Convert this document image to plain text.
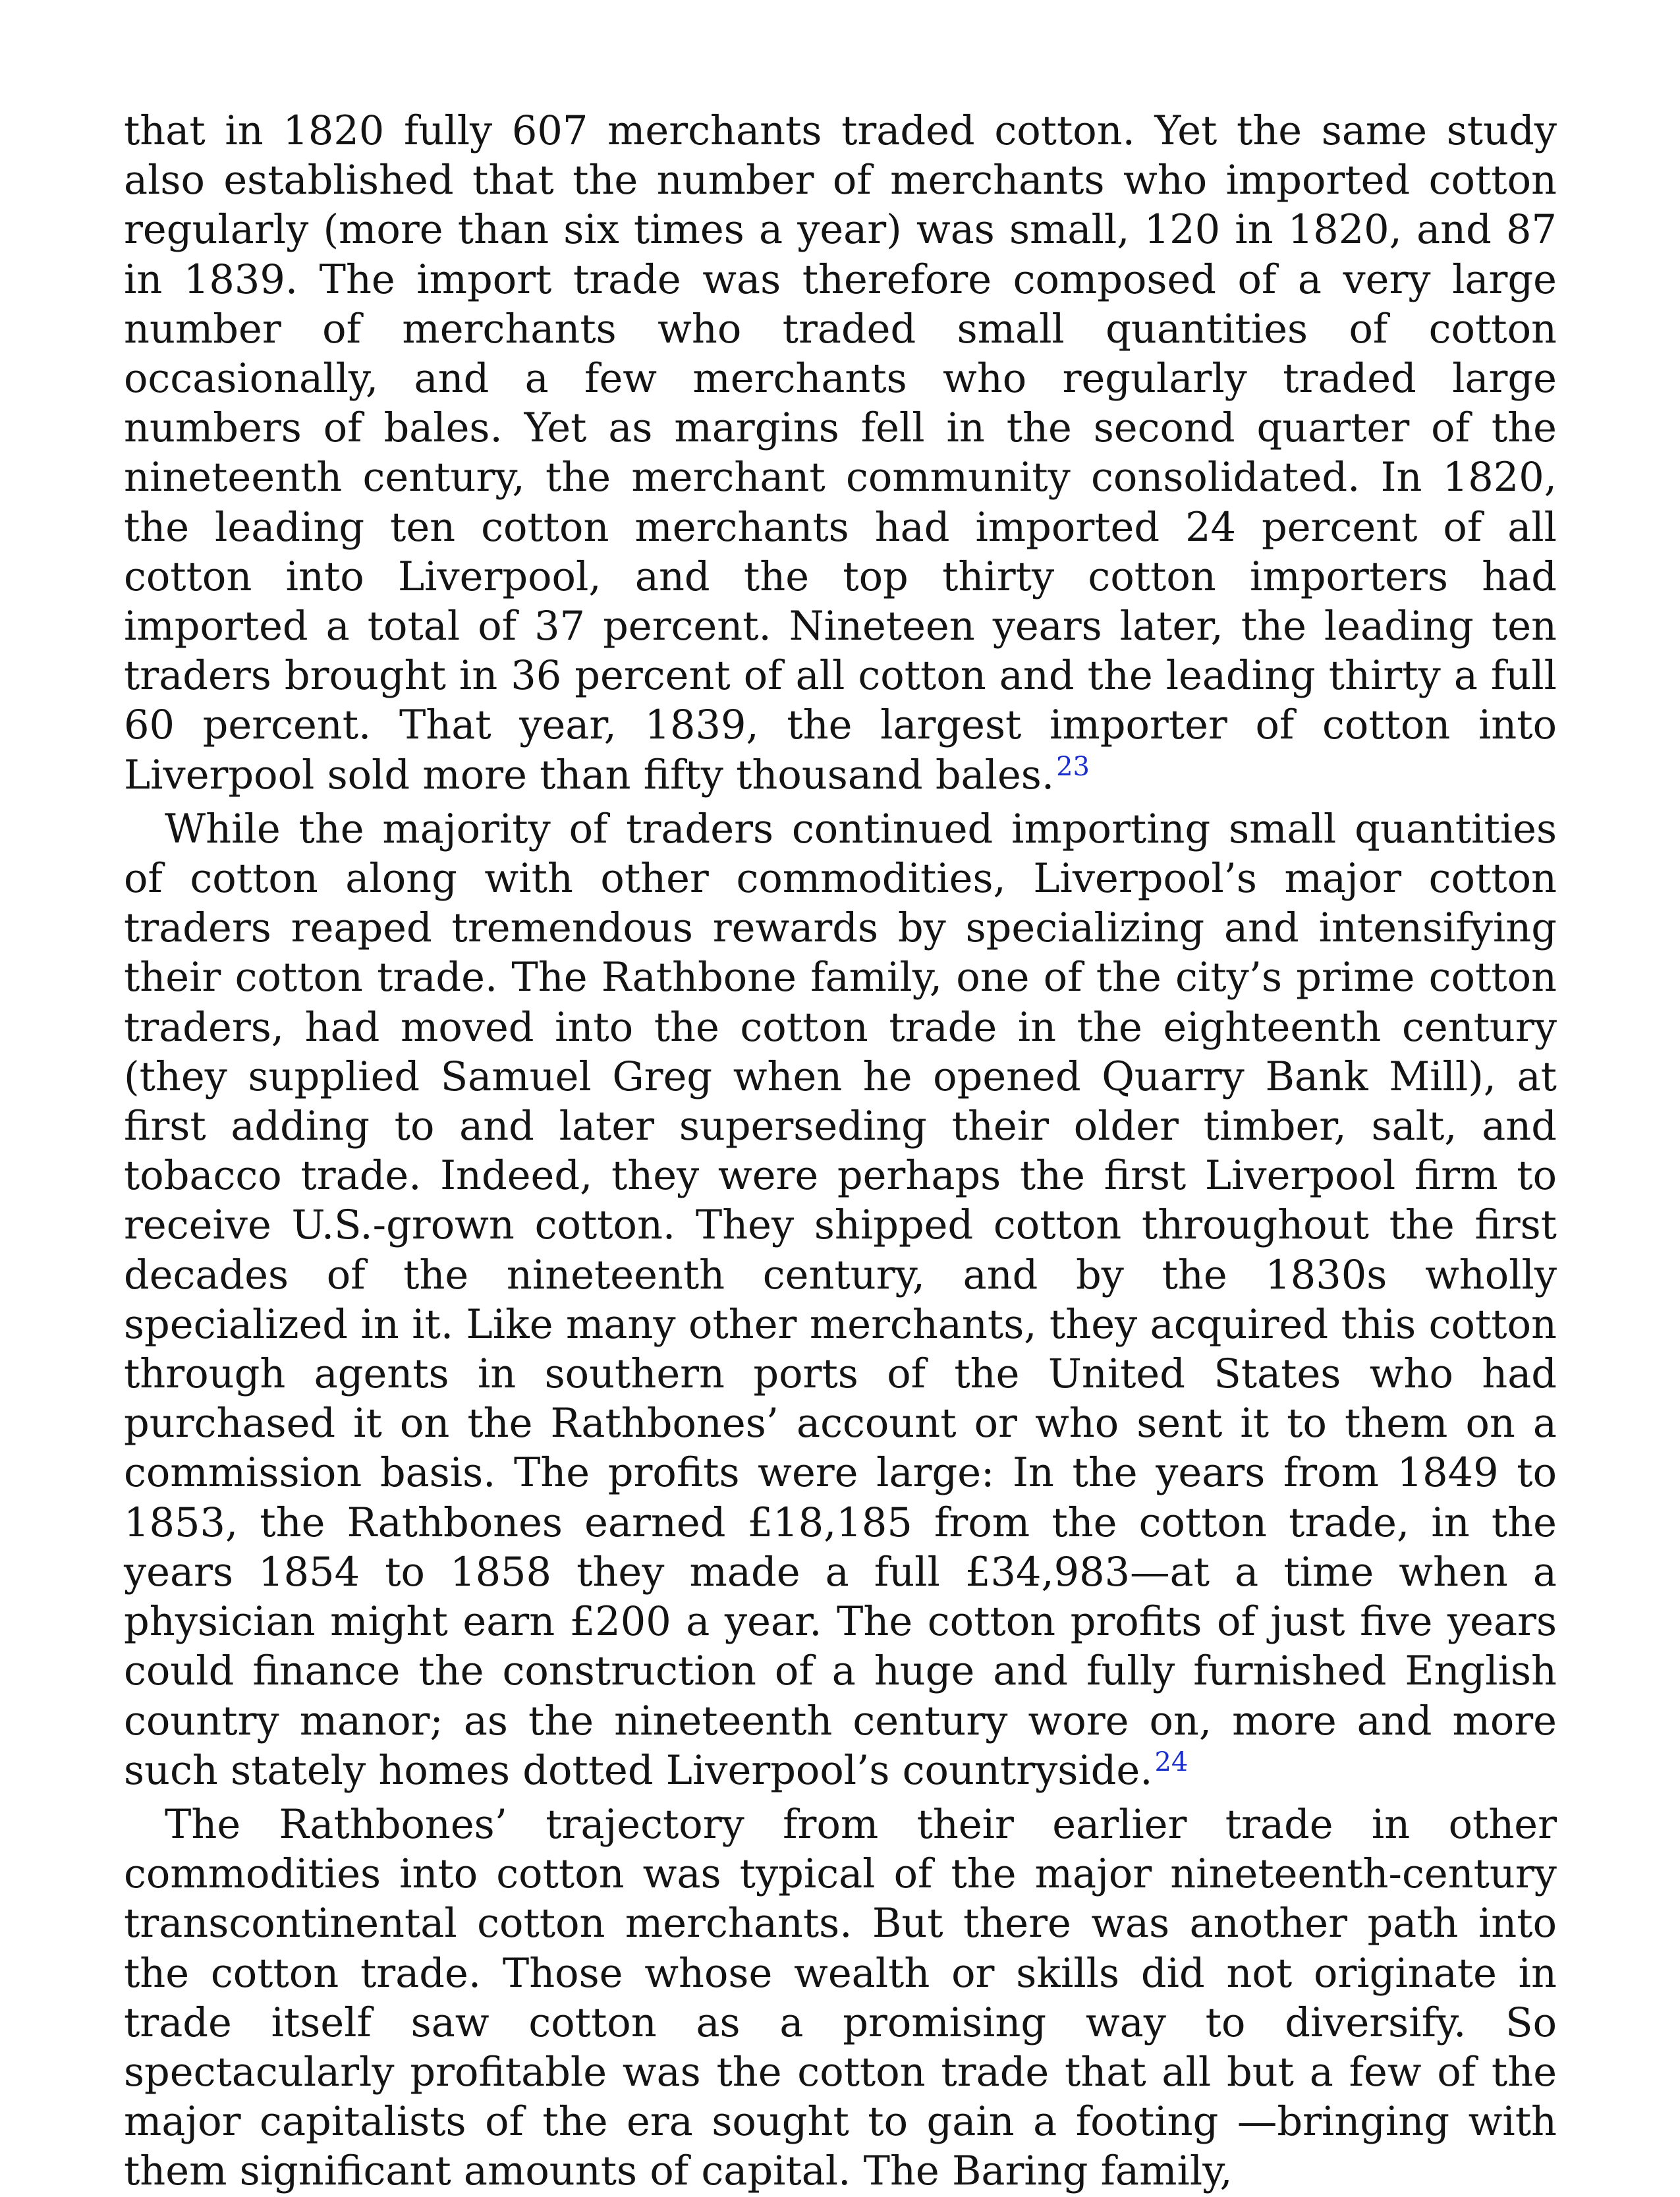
that in 1820 fully 607 merchants traded cotton. Yet the same study also established that the number of merchants who imported cotton regularly (more than six times a year) was small, 120 in 1820, and 87 in 1839. The import trade was therefore composed of a very large number of merchants who traded small quantities of cotton occasionally, and a few merchants who regularly traded large numbers of bales. Yet as margins fell in the second quarter of the nineteenth century, the merchant community consolidated. In 1820, the leading ten cotton merchants had imported 24 percent of all cotton into Liverpool, and the top thirty cotton importers had imported a total of 37 percent. Nineteen years later, the leading ten traders brought in 36 percent of all cotton and the leading thirty a full 60 percent. That year, 1839, the largest importer of cotton into Liverpool sold more than fifty thousand bales.$^{23}$

While the majority of traders continued importing small quantities of cotton along with other commodities, Liverpool’s major cotton traders reaped tremendous rewards by specializing and intensifying their cotton trade. The Rathbone family, one of the city’s prime cotton traders, had moved into the cotton trade in the eighteenth century (they supplied Samuel Greg when he opened Quarry Bank Mill), at first adding to and later superseding their older timber, salt, and tobacco trade. Indeed, they were perhaps the first Liverpool firm to receive U.S.-grown cotton. They shipped cotton throughout the first decades of the nineteenth century, and by the 1830s wholly specialized in it. Like many other merchants, they acquired this cotton through agents in southern ports of the United States who had purchased it on the Rathbones’ account or who sent it to them on a commission basis. The profits were large: In the years from 1849 to 1853, the Rathbones earned £18,185 from the cotton trade, in the years 1854 to 1858 they made a full £34,983—at a time when a physician might earn £200 a year. The cotton profits of just five years could finance the construction of a huge and fully furnished English country manor; as the nineteenth century wore on, more and more such stately homes dotted Liverpool’s countryside.$^{24}$

The Rathbones’ trajectory from their earlier trade in other commodities into cotton was typical of the major nineteenth-century transcontinental cotton merchants. But there was another path into the cotton trade. Those whose wealth or skills did not originate in trade itself saw cotton as a promising way to diversify. So spectacularly profitable was the cotton trade that all but a few of the major capitalists of the era sought to gain a footing —bringing with them significant amounts of capital. The Baring family,
